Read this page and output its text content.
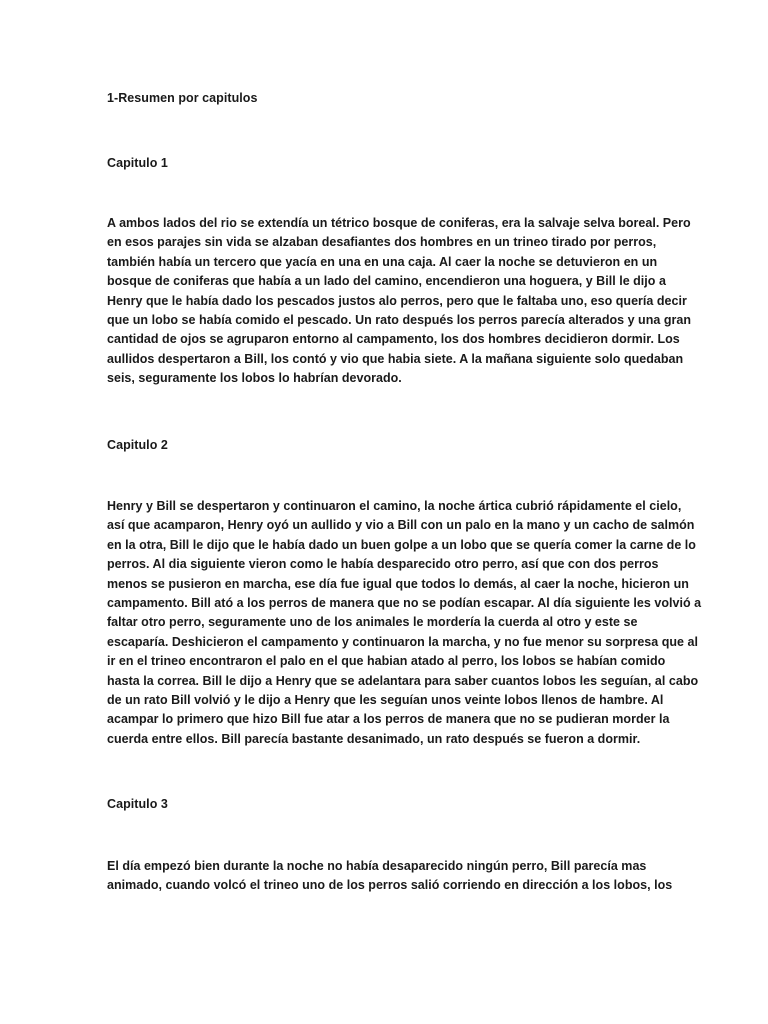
1-Resumen por capitulos
Capitulo 1
A ambos lados del rio se extendía un tétrico bosque de coniferas, era la salvaje selva boreal. Pero
en esos parajes sin vida se alzaban desafiantes dos hombres en un trineo tirado por perros,
también había un tercero que yacía en una en una caja. Al caer la noche se detuvieron en un
bosque de coniferas que había a un lado del camino, encendieron una hoguera, y Bill le dijo a
Henry que le había dado los pescados justos alo perros, pero que le faltaba uno, eso quería decir
que un lobo se había comido el pescado. Un rato después los perros parecía alterados y una gran
cantidad de ojos se agruparon entorno al campamento, los dos hombres decidieron dormir. Los
aullidos despertaron a Bill, los contó y vio que habia siete. A la mañana siguiente solo quedaban
seis, seguramente los lobos lo habrían devorado.
Capitulo 2
Henry y Bill se despertaron y continuaron el camino, la noche ártica cubrió rápidamente el cielo,
así que acamparon, Henry oyó un aullido y vio a Bill con un palo en la mano y un cacho de salmón
en la otra, Bill le dijo que le había dado un buen golpe a un lobo que se quería comer la carne de lo
perros. Al dia siguiente vieron como le había desparecido otro perro, así que con dos perros
menos se pusieron en marcha, ese día fue igual que todos lo demás, al caer la noche, hicieron un
campamento. Bill ató a los perros de manera que no se podían escapar. Al día siguiente les volvió a
faltar otro perro, seguramente uno de los animales le mordería la cuerda al otro y este se
escaparía. Deshicieron el campamento y continuaron la marcha, y no fue menor su sorpresa que al
ir en el trineo encontraron el palo en el que habian atado al perro, los lobos se habían comido
hasta la correa. Bill le dijo a Henry que se adelantara para saber cuantos lobos les seguían, al cabo
de un rato Bill volvió y le dijo a Henry que les seguían unos veinte lobos llenos de hambre. Al
acampar lo primero que hizo Bill fue atar a los perros de manera que no se pudieran morder la
cuerda entre ellos. Bill parecía bastante desanimado, un rato después se fueron a dormir.
Capitulo 3
El día empezó bien durante la noche no había desaparecido ningún perro, Bill parecía mas
animado, cuando volcó el trineo uno de los perros salió corriendo en dirección a los lobos, los
